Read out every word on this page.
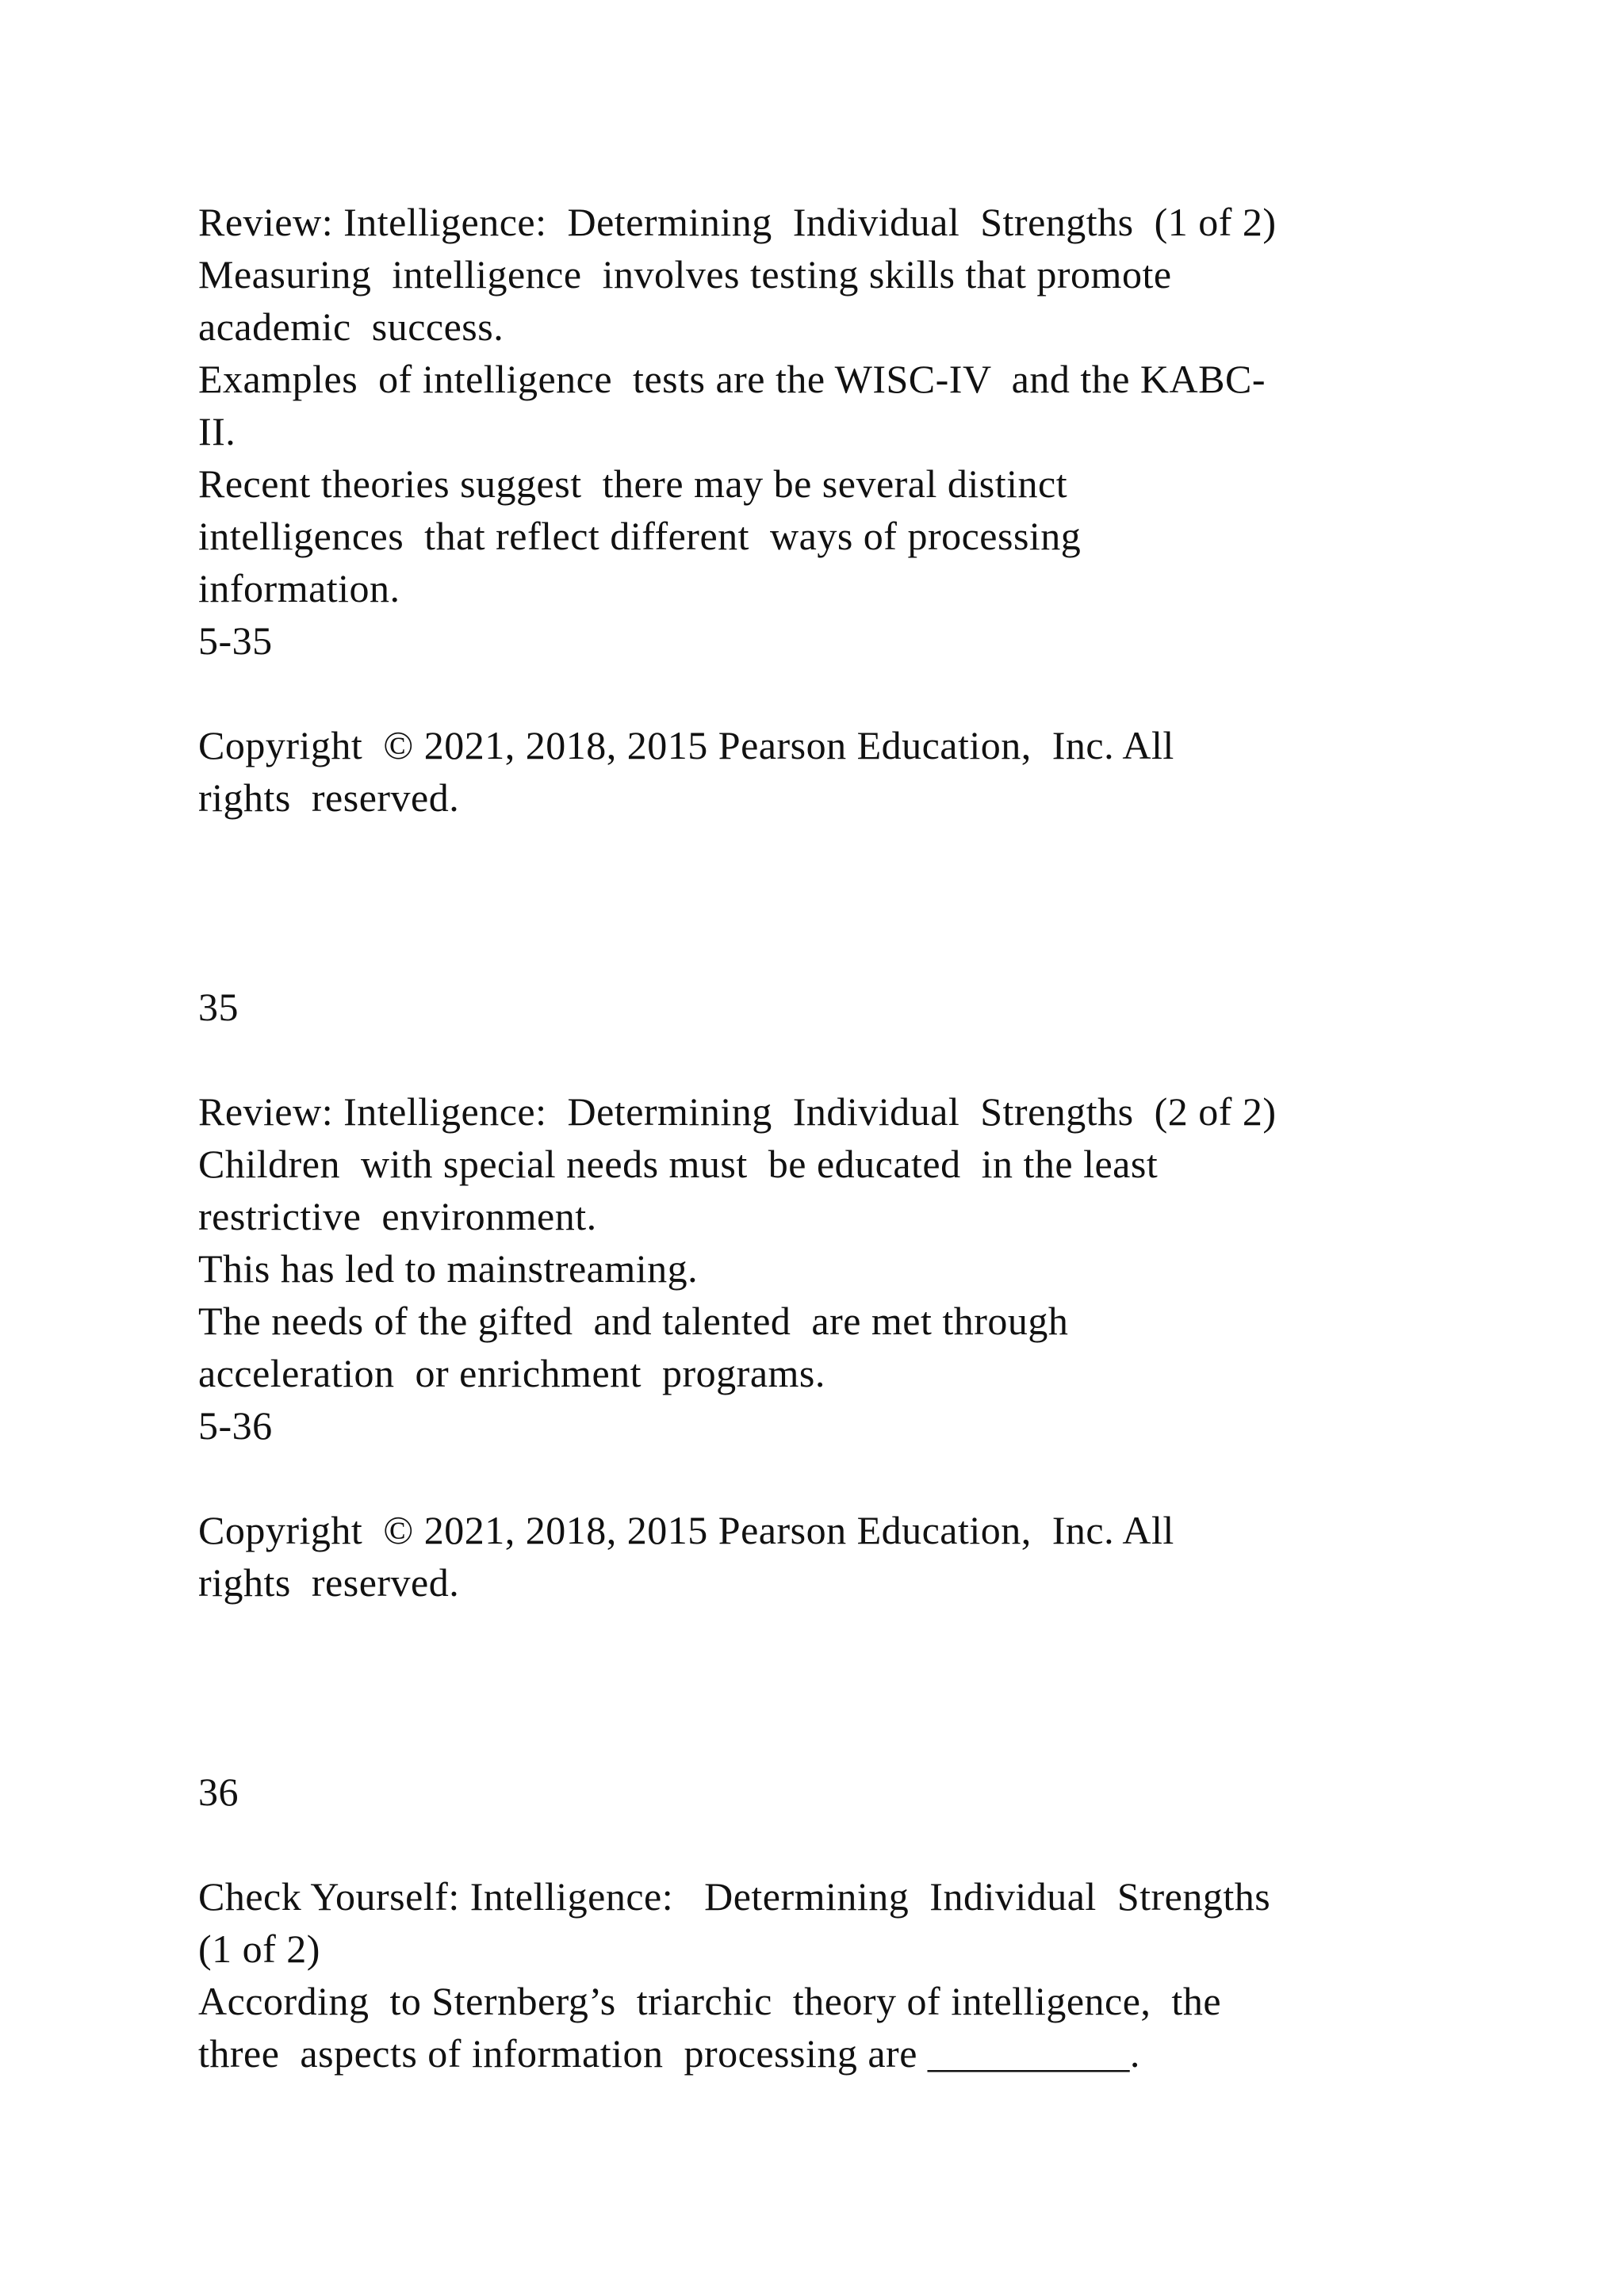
Review: Intelligence:  Determining  Individual  Strengths  (1 of 2)

Measuring  intelligence  involves testing skills that promote

academic  success.

Examples  of intelligence  tests are the WISC-IV  and the KABC-

II.

Recent theories suggest  there may be several distinct

intelligences  that reflect different  ways of processing

information.

5-35

Copyright  © 2021, 2018, 2015 Pearson Education,  Inc. All

rights  reserved.

35

Review: Intelligence:  Determining  Individual  Strengths  (2 of 2)

Children  with special needs must  be educated  in the least

restrictive  environment.

This has led to mainstreaming.

The needs of the gifted  and talented  are met through

acceleration  or enrichment  programs.

5-36

Copyright  © 2021, 2018, 2015 Pearson Education,  Inc. All

rights  reserved.

36

Check Yourself: Intelligence:   Determining  Individual  Strengths

(1 of 2)

According  to Sternberg’s  triarchic  theory of intelligence,  the

three  aspects of information  processing are __________.
